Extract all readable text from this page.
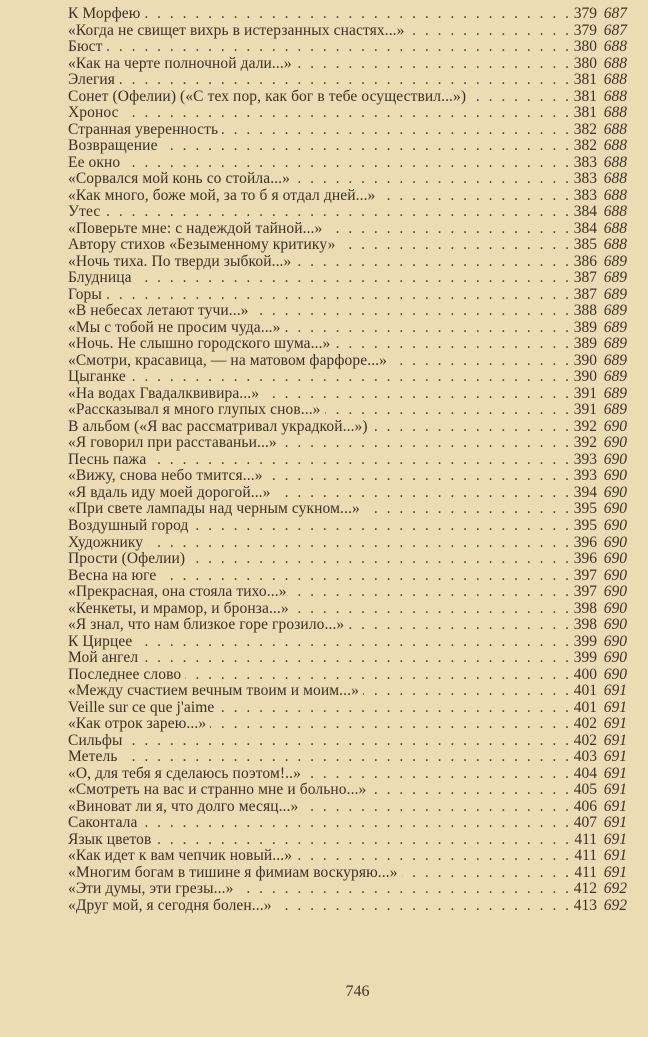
К Морфею . . .	379 687
«Когда не свищет вихрь в истерзанных снастях...» . . .	379 687
Бюст . . .	380 688
«Как на черте полночной дали...» . . .	380 688
Элегия . . .	381 688
Сонет (Офелии) («С тех пор, как бог в тебе осуществил...») . . .	381 688
Хронос . . .	381 688
Странная уверенность . . .	382 688
Возвращение . . .	382 688
Ее окно . . .	383 688
«Сорвался мой конь со стойла...» . . .	383 688
«Как много, боже мой, за то б я отдал дней...» . . .	383 688
Утес . . .	384 688
«Поверьте мне: с надеждой тайной...» . . .	384 688
Автору стихов «Безыменному критику» . . .	385 688
«Ночь тиха. По тверди зыбкой...» . . .	386 689
Блудница . . .	387 689
Горы . . .	387 689
«В небесах летают тучи...» . . .	388 689
«Мы с тобой не просим чуда...» . . .	389 689
«Ночь. Не слышно городского шума...» . . .	389 689
«Смотри, красавица, — на матовом фарфоре...» . . .	390 689
Цыганке . . .	390 689
«На водах Гвадалквивира...» . . .	391 689
«Рассказывал я много глупых снов...» . . .	391 689
В альбом («Я вас рассматривал украдкой...») . . .	392 690
«Я говорил при расставаньи...» . . .	392 690
Песнь пажа . . .	393 690
«Вижу, снова небо тмится...» . . .	393 690
«Я вдаль иду моей дорогой...» . . .	394 690
«При свете лампады над черным сукном...» . . .	395 690
Воздушный город . . .	395 690
Художнику . . .	396 690
Прости (Офелии) . . .	396 690
Весна на юге . . .	397 690
«Прекрасная, она стояла тихо...» . . .	397 690
«Кенкеты, и мрамор, и бронза...» . . .	398 690
«Я знал, что нам близкое горе грозило...» . . .	398 690
К Цирцее . . .	399 690
Мой ангел . . .	399 690
Последнее слово . . .	400 690
«Между счастием вечным твоим и моим...» . . .	401 691
Veille sur ce que j'aime . . .	401 691
«Как отрок зарею...» . . .	402 691
Сильфы . . .	402 691
Метель . . .	403 691
«О, для тебя я сделаюсь поэтом!..» . . .	404 691
«Смотреть на вас и странно мне и больно...» . . .	405 691
«Виноват ли я, что долго месяц...» . . .	406 691
Саконтала . . .	407 691
Язык цветов . . .	411 691
«Как идет к вам чепчик новый...» . . .	411 691
«Многим богам в тишине я фимиам воскуряю...» . . .	411 691
«Эти думы, эти грезы...» . . .	412 692
«Друг мой, я сегодня болен...» . . .	413 692
746
